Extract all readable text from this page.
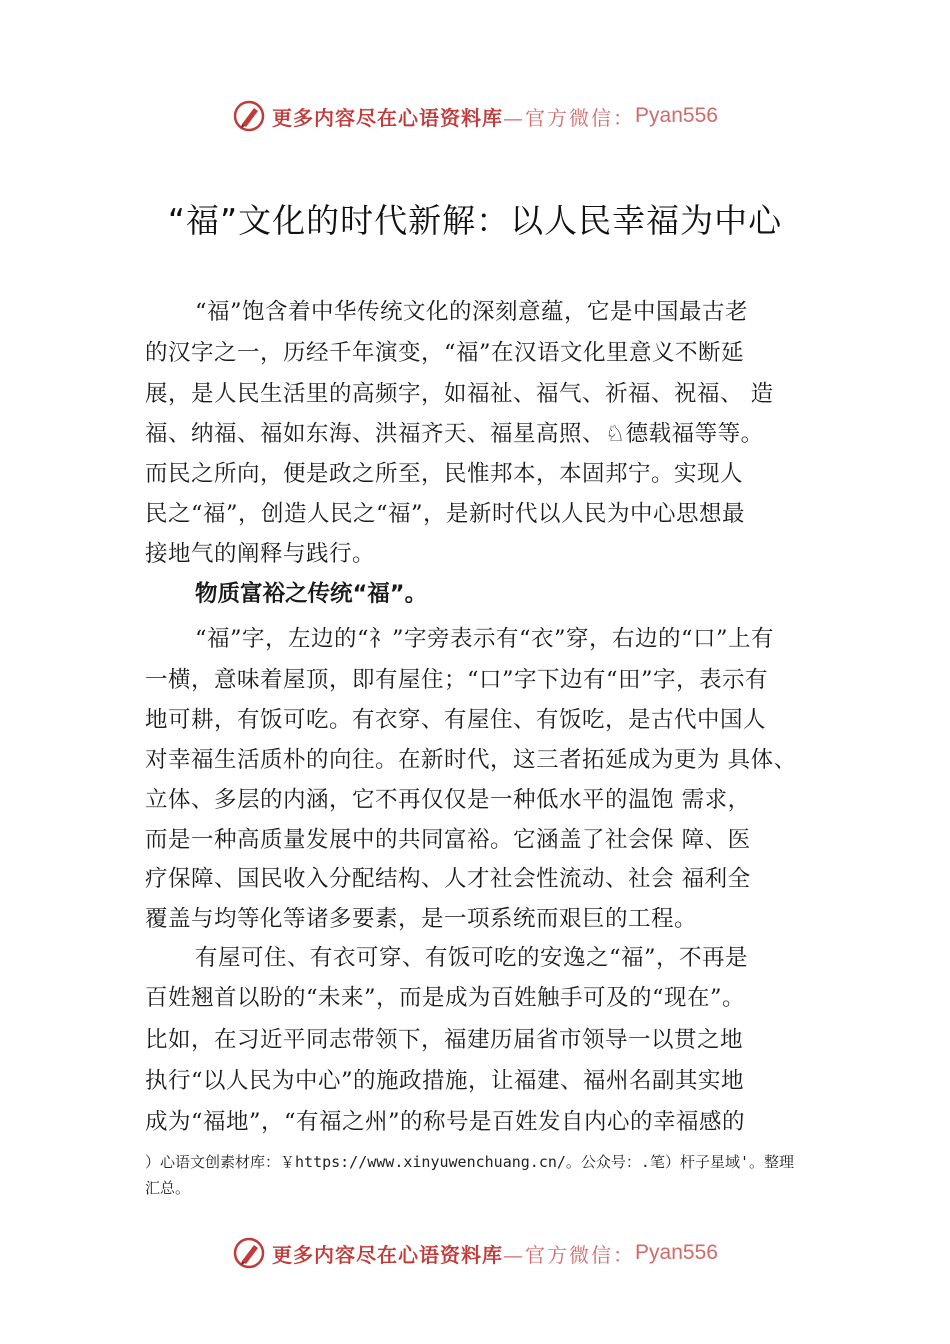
更多内容尽在心语资料库 —官方微信： Pyan556
“福”文化的时代新解：以人民幸福为中心
“福”饱含着中华传统文化的深刻意蕴，它是中国最古老
的汉字之一，历经千年演变，“福”在汉语文化里意义不断延
展，是人民生活里的高频字，如福祉、福气、祈福、祝福、 造
福、纳福、福如东海、洪福齐天、福星高照、♘德载福等等。
而民之所向，便是政之所至，民惟邦本，本固邦宁。实现人
民之“福”，创造人民之“福”，是新时代以人民为中心思想最
接地气的阐释与践行。
物质富裕之传统“福”。
“福”字，左边的“礻”字旁表示有“衣”穿，右边的“口”上有
一横，意味着屋顶，即有屋住；“口”字下边有“田”字，表示有
地可耕，有饭可吃。有衣穿、有屋住、有饭吃，是古代中国人
对幸福生活质朴的向往。在新时代，这三者拓延成为更为 具体、
立体、多层的内涵，它不再仅仅是一种低水平的温饱 需求，
而是一种高质量发展中的共同富裕。它涵盖了社会保 障、医
疗保障、国民收入分配结构、人才社会性流动、社会 福利全
覆盖与均等化等诸多要素，是一项系统而艰巨的工程。
有屋可住、有衣可穿、有饭可吃的安逸之“福”，不再是
百姓翘首以盼的“未来”，而是成为百姓触手可及的“现在”。
比如，在习近平同志带领下，福建历届省市领导一以贯之地
执行“以人民为中心”的施政措施，让福建、福州名副其实地
成为“福地”，“有福之州”的称号是百姓发自内心的幸福感的
）心语文创素材库：￥https://www.xinyuwenchuang.cn/。公众号：.笔）杆子星域'。整理
汇总。
更多内容尽在心语资料库 —官方微信： Pyan556
